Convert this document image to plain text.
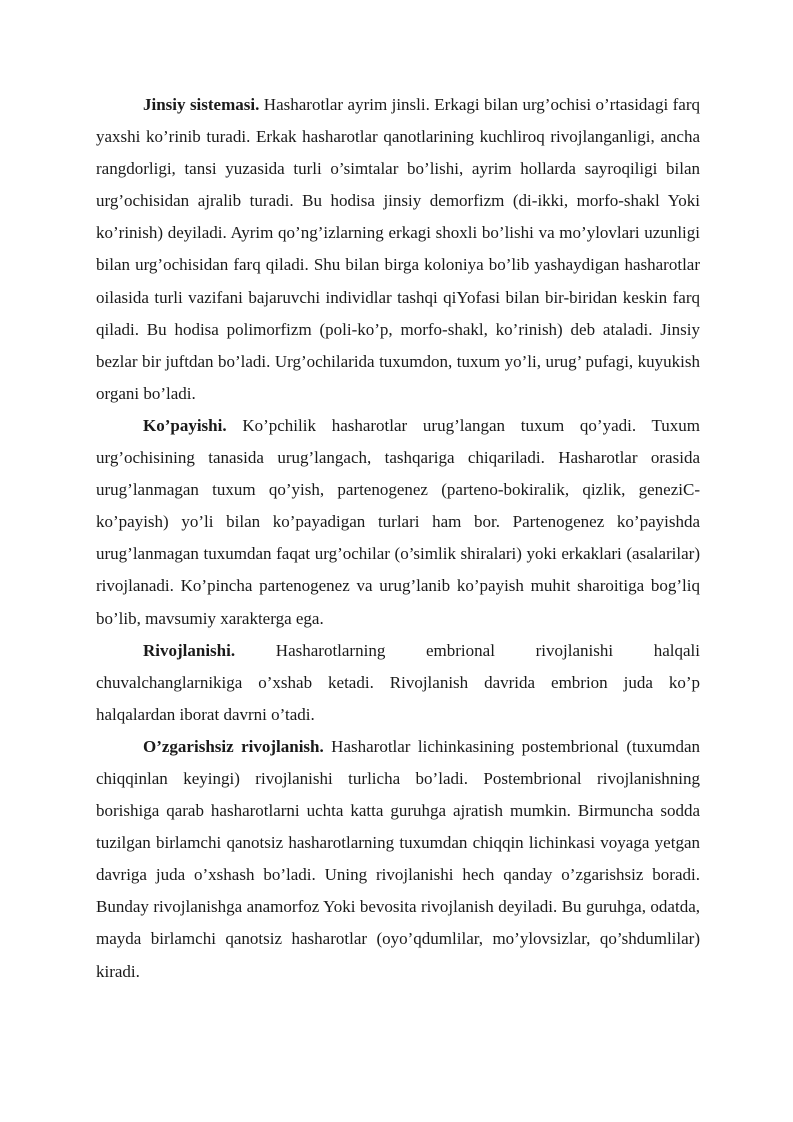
Jinsiy sistemasi. Hasharotlar ayrim jinsli. Erkagi bilan urg’ochisi o’rtasidagi farq yaxshi ko’rinib turadi. Erkak hasharotlar qanotlarining kuchliroq rivojlanganligi, ancha rangdorligi, tansi yuzasida turli o’simtalar bo’lishi, ayrim hollarda sayroqiligi bilan urg’ochisidan ajralib turadi. Bu hodisa jinsiy demorfizm (di-ikki, morfo-shakl Yoki ko’rinish) deyiladi. Ayrim qo’ng’izlarning erkagi shoxli bo’lishi va mo’ylovlari uzunligi bilan urg’ochisidan farq qiladi. Shu bilan birga koloniya bo’lib yashaydigan hasharotlar oilasida turli vazifani bajaruvchi individlar tashqi qiYofasi bilan bir-biridan keskin farq qiladi. Bu hodisa polimorfizm (poli-ko’p, morfo-shakl, ko’rinish) deb ataladi. Jinsiy bezlar bir juftdan bo’ladi. Urg’ochilarida tuxumdon, tuxum yo’li, urug’ pufagi, kuyukish organi bo’ladi.

Ko’payishi. Ko’pchilik hasharotlar urug’langan tuxum qo’yadi. Tuxum urg’ochisining tanasida urug’langach, tashqariga chiqariladi. Hasharotlar orasida urug’lanmagan tuxum qo’yish, partenogenez (parteno-bokiralik, qizlik, geneziC-ko’payish) yo’li bilan ko’payadigan turlari ham bor. Partenogenez ko’payishda urug’lanmagan tuxumdan faqat urg’ochilar (o’simlik shiralari) yoki erkaklari (asalarilar) rivojlanadi. Ko’pincha partenogenez va urug’lanib ko’payish muhit sharoitiga bog’liq bo’lib, mavsumiy xarakterga ega.

Rivojlanishi. Hasharotlarning embrional rivojlanishi halqali chuvalchanglarnikiga o’xshab ketadi. Rivojlanish davrida embrion juda ko’p halqalardan iborat davrni o’tadi.

O’zgarishsiz rivojlanish. Hasharotlar lichinkasining postembrional (tuxumdan chiqqinlan keyingi) rivojlanishi turlicha bo’ladi. Postembrional rivojlanishning borishiga qarab hasharotlarni uchta katta guruhga ajratish mumkin. Birmuncha sodda tuzilgan birlamchi qanotsiz hasharotlarning tuxumdan chiqqin lichinkasi voyaga yetgan davriga juda o’xshash bo’ladi. Uning rivojlanishi hech qanday o’zgarishsiz boradi. Bunday rivojlanishga anamorfoz Yoki bevosita rivojlanish deyiladi. Bu guruhga, odatda, mayda birlamchi qanotsiz hasharotlar (oyo’qdumlilar, mo’ylovsizlar, qo’shdumlilar) kiradi.
